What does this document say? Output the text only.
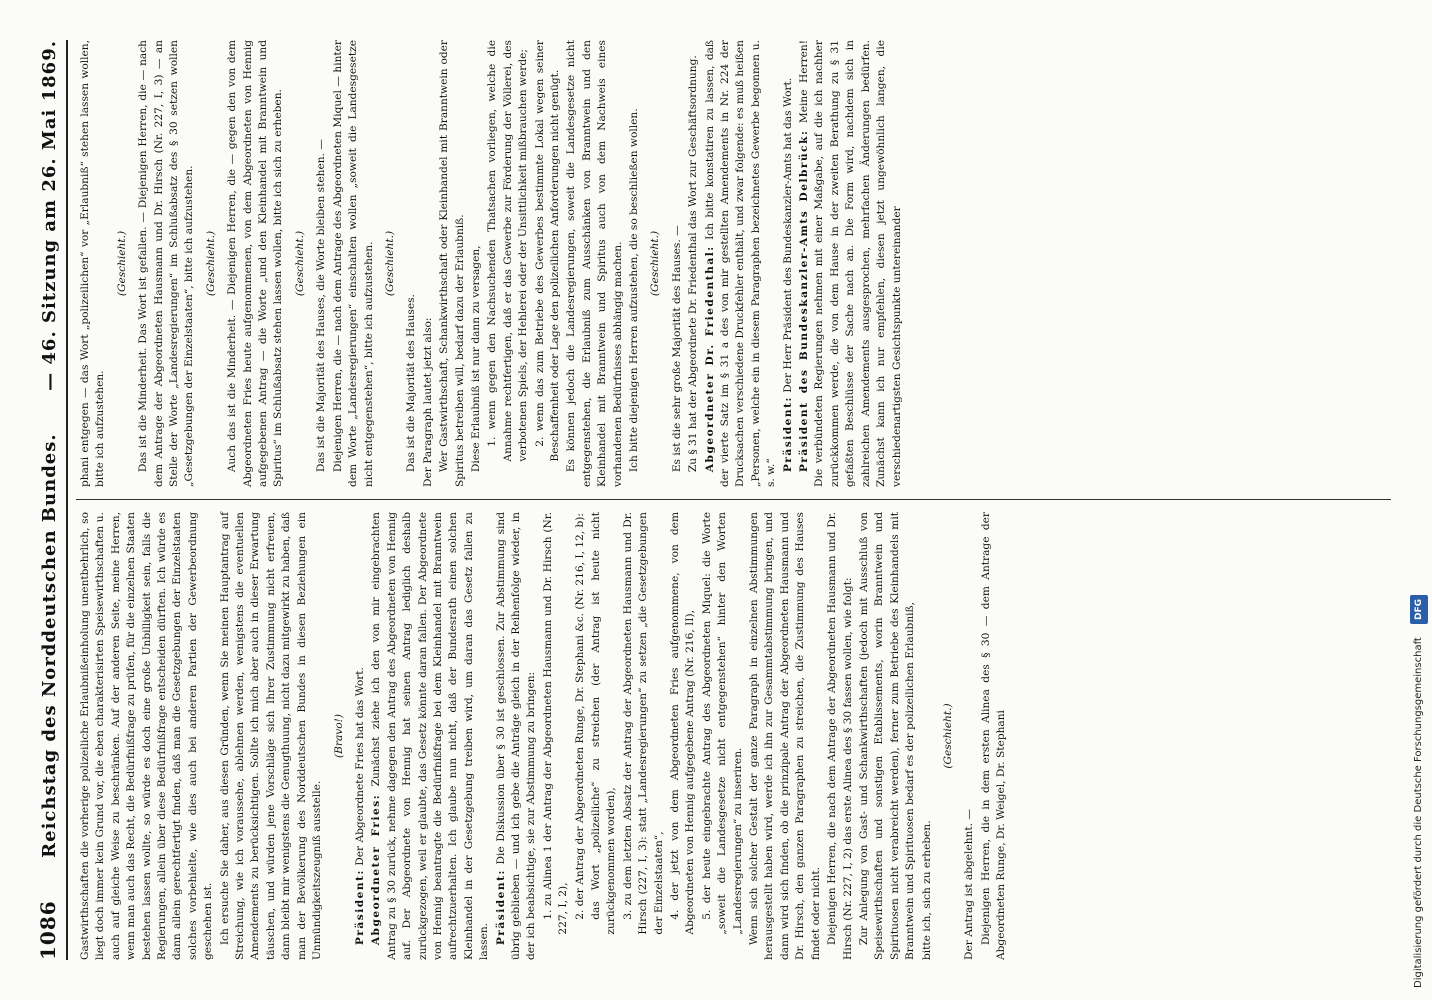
1086
Reichstag des Norddeutschen Bundes.
— 46. Sitzung am 26. Mai 1869.

Gastwirthschaften die vorherige polizeiliche Erlaubnißeinholung unentbehrlich, so liegt doch immer kein Grund vor, die eben charakterisirten Speisewirthschaften u. auch auf gleiche Weise zu beschränken. Auf der anderen Seite, meine Herren, wenn man auch das Recht, die Bedürfnißfrage zu prüfen, für die einzelnen Staaten bestehen lassen wollte, so würde es doch eine große Unbilligkeit sein, falls die Regierungen, allein über diese Bedürfnißfrage entscheiden dürften. Ich würde es dann allein gerechtfertigt finden, daß man die Gesetzgebungen der Einzelstaaten solches vorbehielte, wie dies auch bei anderen Partien der Gewerbeordnung geschehen ist. Ich ersuche Sie daher, aus diesen Gründen, wenn Sie meinen Hauptantrag auf Streichung, wie ich voraussehe, ablehnen werden, wenigstens die eventuellen Amendements zu berücksichtigen. Sollte ich mich aber auch in dieser Erwartung täuschen, und würden jene Vorschläge sich Ihrer Zustimmung nicht erfreuen, dann bleibt mir wenigstens die Genugthuung, nicht dazu mitgewirkt zu haben, daß man der Bevölkerung des Norddeutschen Bundes in diesen Beziehungen ein Unmündigkeitszeugniß ausstelle.

(Bravo!)

Präsident: Der Abgeordnete Fries hat das Wort.

Abgeordneter Fries: Zunächst ziehe ich den von mir eingebrachten Antrag zu § 30 zurück, nehme dagegen den Antrag des Abgeordneten von Hennig auf. Der Abgeordnete von Hennig hat seinen Antrag lediglich deshalb zurückgezogen, weil er glaubte, das Gesetz könnte daran fallen. Der Abgeordnete von Hennig beantragte die Bedürfnißfrage bei dem Kleinhandel mit Branntwein aufrechtzuerhalten. Ich glaube nun nicht, daß der Bundesrath einen solchen Kleinhandel in der Gesetzgebung treiben wird, um daran das Gesetz fallen zu lassen. Präsident: Die Diskussion über § 30 ist geschlossen. Zur Abstimmung sind übrig geblieben — und ich gebe die Anträge gleich in der Reihenfolge wieder, in der ich beabsichtige, sie zur Abstimmung zu bringen: 1. zu Alinea 1 der Antrag der Abgeordneten Hausmann und Dr. Hirsch (Nr. 227, I, 2), 2. der Antrag der Abgeordneten Runge, Dr. Stephani &c. (Nr. 216, I, 12, b): das Wort „polizeiliche“ zu streichen (der Antrag ist heute nicht zurückgenommen worden), 3. zu dem letzten Absatz der Antrag der Abgeordneten Hausmann und Dr. Hirsch (227, I, 3): statt „Landesregierungen“ zu setzen „die Gesetzgebungen der Einzelstaaten“, 4. der jetzt von dem Abgeordneten Fries aufgenommene, von dem Abgeordneten von Hennig aufgegebene Antrag (Nr. 216, II), 5. der heute eingebrachte Antrag des Abgeordneten Miquel: die Worte „soweit die Landesgesetze nicht entgegenstehen“ hinter den Worten „Landesregierungen“ zu inseriren. Wenn sich solcher Gestalt der ganze Paragraph in einzelnen Abstimmungen herausgestellt haben wird, werde ich ihn zur Gesammtabstimmung bringen, und dann wird sich finden, ob die prinzipale Antrag der Abgeordneten Hausmann und Dr. Hirsch, den ganzen Paragraphen zu streichen, die Zustimmung des Hauses findet oder nicht. Diejenigen Herren, die nach dem Antrage der Abgeordneten Hausmann und Dr. Hirsch (Nr. 227, I, 2) das erste Alinea des § 30 fassen wollen, wie folgt: Zur Anlegung von Gast- und Schankwirthschaften (jedoch mit Ausschluß von Speisewirthschaften und sonstigen Etablissements, worin Branntwein und Spirituosen nicht verabreicht werden), ferner zum Betriebe des Kleinhandels mit Branntwein und Spirituosen bedarf es der polizeilichen Erlaubniß, bitte ich, sich zu erheben.

(Geschieht.)

Der Antrag ist abgelehnt. — Diejenigen Herren, die in dem ersten Alinea des § 30 — dem Antrage der Abgeordneten Runge, Dr. Weigel, Dr. Stephani

phani entgegen — das Wort „polizeilichen“ vor „Erlaubniß“ stehen lassen wollen, bitte ich aufzustehen.

(Geschieht.) Das ist die Minderheit. Das Wort ist gefallen. — Diejenigen Herren, die — nach dem Antrage der Abgeordneten Hausmann und Dr. Hirsch (Nr. 227, I, 3) — an Stelle der Worte „Landesregierungen“ im Schlußabsatz des § 30 setzen wollen „Gesetzgebungen der Einzelstaaten“, bitte ich aufzustehen. (Geschieht.) Auch das ist die Minderheit. — Diejenigen Herren, die — gegen den von dem Abgeordneten Fries heute aufgenommenen, von dem Abgeordneten von Hennig aufgegebenen Antrag — die Worte „und den Kleinhandel mit Branntwein und Spiritus“ im Schlußabsatz stehen lassen wollen, bitte ich sich zu erheben. (Geschieht.) Das ist die Majorität des Hauses, die Worte bleiben stehen. — Diejenigen Herren, die — nach dem Antrage des Abgeordneten Miquel — hinter dem Worte „Landesregierungen“ einschalten wollen „soweit die Landesgesetze nicht entgegenstehen“, bitte ich aufzustehen. (Geschieht.)

Das ist die Majorität des Hauses. Der Paragraph lautet jetzt also: Wer Gastwirthschaft, Schankwirthschaft oder Kleinhandel mit Branntwein oder Spiritus betreiben will, bedarf dazu der Erlaubniß. Diese Erlaubniß ist nur dann zu versagen, 1. wenn gegen den Nachsuchenden Thatsachen vorliegen, welche die Annahme rechtfertigen, daß er das Gewerbe zur Förderung der Völlerei, des verbotenen Spiels, der Hehlerei oder der Unsittlichkeit mißbrauchen werde; 2. wenn das zum Betriebe des Gewerbes bestimmte Lokal wegen seiner Beschaffenheit oder Lage den polizeilichen Anforderungen nicht genügt. Es können jedoch die Landesregierungen, soweit die Landesgesetze nicht entgegenstehen, die Erlaubniß zum Ausschänken von Branntwein und den Kleinhandel mit Branntwein und Spiritus auch von dem Nachweis eines vorhandenen Bedürfnisses abhängig machen. Ich bitte diejenigen Herren aufzustehen, die so beschließen wollen. (Geschieht.) Es ist die sehr große Majorität des Hauses. — Zu § 31 hat der Abgeordnete Dr. Friedenthal das Wort zur Geschäftsordnung. Abgeordneter Dr. Friedenthal: Ich bitte konstatiren zu lassen, daß der vierte Satz im § 31 a des von mir gestellten Amendements in Nr. 224 der Drucksachen verschiedene Druckfehler enthält, und zwar folgende: es muß heißen „Personen, welche ein in diesem Paragraphen bezeichnetes Gewerbe begonnen u. s. w.“

Präsident: Der Herr Präsident des Bundeskanzler-Amts hat das Wort. Präsident des Bundeskanzler-Amts Delbrück: Meine Herren! Die verbündeten Regierungen nehmen mit einer Maßgabe, auf die ich nachher zurückkommen werde, die von dem Hause in der zweiten Berathung zu § 31 gefaßten Beschlüsse der Sache nach an. Die Form wird, nachdem sich in zahlreichen Amendements ausgesprochen, mehrfachen Änderungen bedürfen. Zunächst kann ich nur empfehlen, diesen jetzt ungewöhnlich langen, die verschiedenartigsten Gesichtspunkte untereinander

Digitalisierung gefördert durch die Deutsche Forschungsgemeinschaft DFG
